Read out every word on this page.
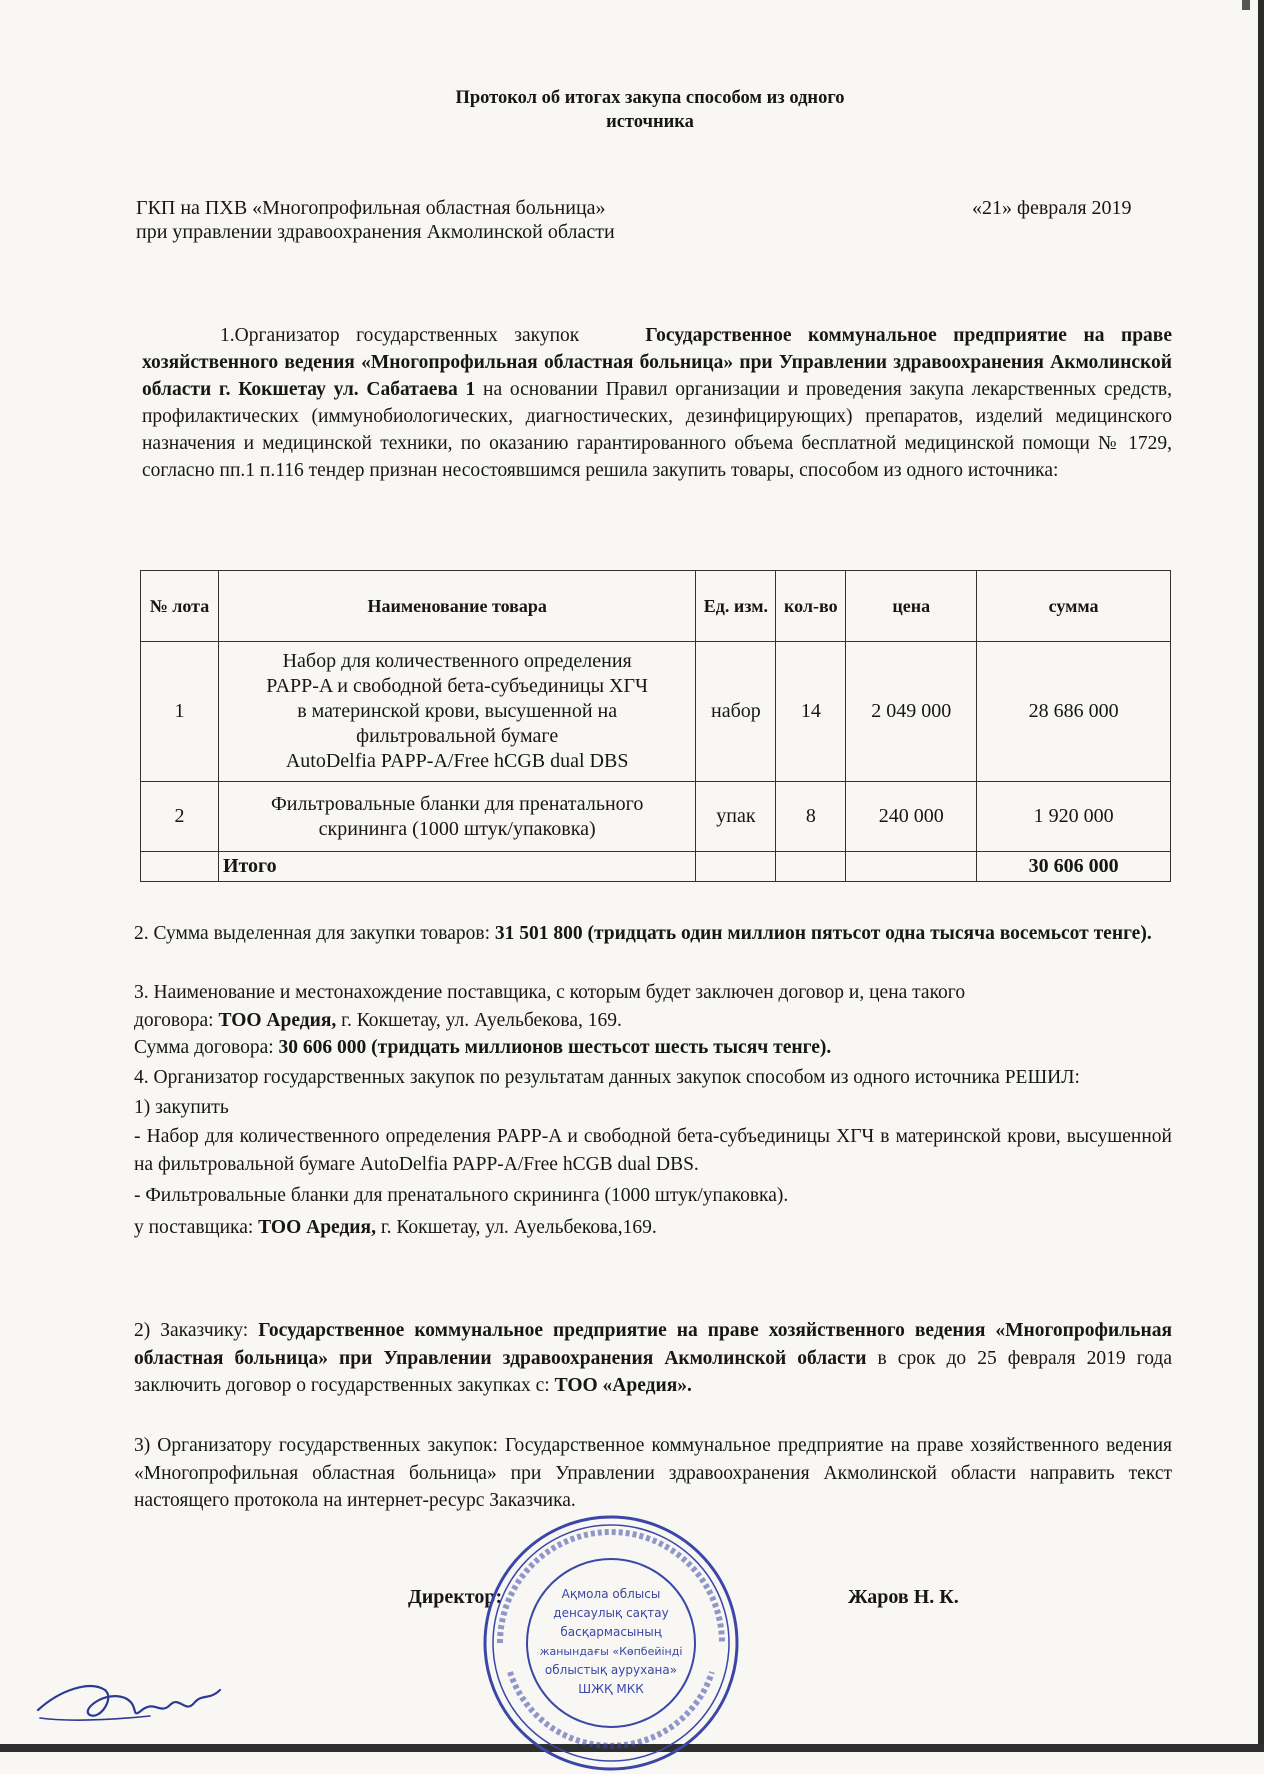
Протокол об итогах закупа способом из одного
источника
ГКП на ПХВ «Многопрофильная областная больница»
при управлении здравоохранения Акмолинской области
«21» февраля 2019
1.Организатор государственных закупок	Государственное коммунальное предприятие на праве хозяйственного ведения «Многопрофильная областная больница» при Управлении здравоохранения Акмолинской области г. Кокшетау ул. Сабатаева 1 на основании Правил организации и проведения закупа лекарственных средств, профилактических (иммунобиологических, диагностических, дезинфицирующих) препаратов, изделий медицинского назначения и медицинской техники, по оказанию гарантированного объема бесплатной медицинской помощи № 1729, согласно пп.1 п.116 тендер признан несостоявшимся решила закупить товары, способом из одного источника:
№ лота	Наименование товара	Ед. изм.	кол-во	цена	сумма
1	Набор для количественного определения
PAPP-A и свободной бета-субъединицы ХГЧ
в материнской крови, высушенной на
фильтровальной бумаге
AutoDelfia PAPP-A/Free hCGB dual DBS	набор	14	2 049 000	28 686 000
2	Фильтровальные бланки для пренатального
скрининга (1000 штук/упаковка)	упак	8	240 000	1 920 000
	Итого				30 606 000
2. Сумма выделенная для закупки товаров: 31 501 800 (тридцать один миллион пятьсот одна тысяча восемьсот тенге).
3. Наименование и местонахождение поставщика, с которым будет заключен договор и, цена такого
договора: ТОО Аредия, г. Кокшетау, ул. Ауельбекова, 169.
Сумма договора: 30 606 000 (тридцать миллионов шестьсот шесть тысяч тенге).
4. Организатор государственных закупок по результатам данных закупок способом из одного источника РЕШИЛ:
1) закупить
- Набор для количественного определения PAPP-A и свободной бета-субъединицы ХГЧ в материнской крови, высушенной на фильтровальной бумаге AutoDelfia PAPP-A/Free hCGB dual DBS.
- Фильтровальные бланки для пренатального скрининга (1000 штук/упаковка).
у поставщика: ТОО Аредия, г. Кокшетау, ул. Ауельбекова,169.
2) Заказчику: Государственное коммунальное предприятие на праве хозяйственного ведения «Многопрофильная областная больница» при Управлении здравоохранения Акмолинской области в срок до 25 февраля 2019 года заключить договор о государственных закупках с: ТОО «Аредия».
3) Организатору государственных закупок: Государственное коммунальное предприятие на праве хозяйственного ведения «Многопрофильная областная больница» при Управлении здравоохранения Акмолинской области направить текст настоящего протокола на интернет-ресурс Заказчика.
Директор:	Жаров Н. К.
Ақмола облысы
денсаулық сақтау
басқармасының
жанындағы «Көпбейінді
облыстық аурухана»
ШЖҚ МКК
